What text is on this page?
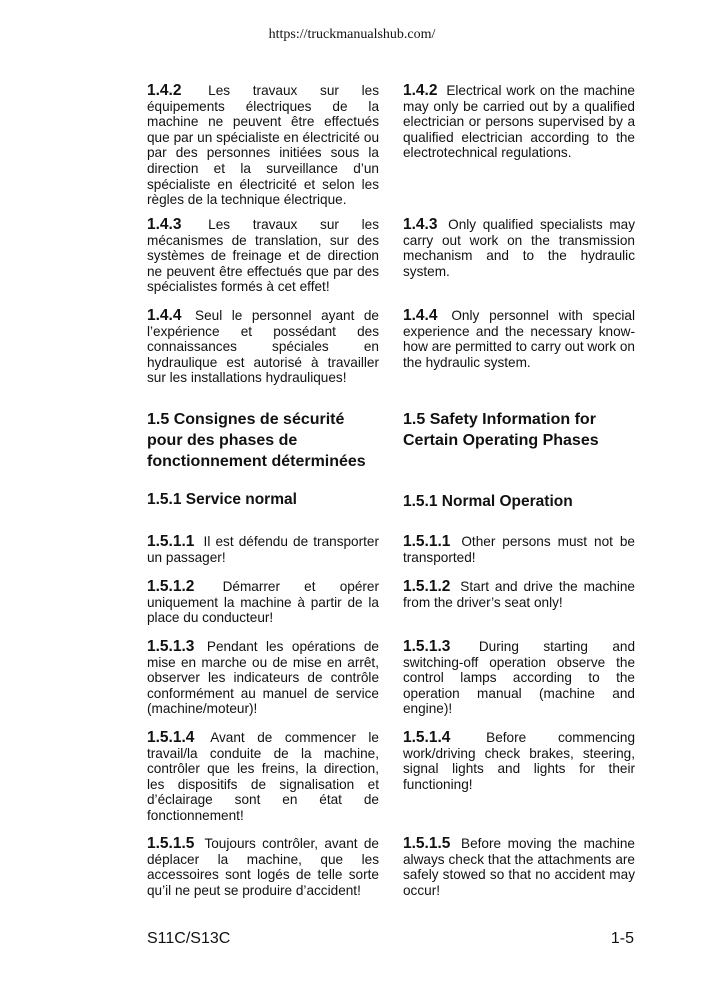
https://truckmanualshub.com/
1.4.2 Les travaux sur les équipements électriques de la machine ne peuvent être effectués que par un spécialiste en électricité ou par des personnes initiées sous la direction et la surveillance d’un spécialiste en électricité et selon les règles de la technique électrique.
1.4.3 Les travaux sur les mécanismes de translation, sur des systèmes de freinage et de direction ne peuvent être effectués que par des spécialistes formés à cet effet!
1.4.4 Seul le personnel ayant de l’expérience et possédant des connaissances spéciales en hydraulique est autorisé à travailler sur les installations hydrauliques!
1.5 Consignes de sécurité pour des phases de fonctionnement déterminées
1.5.1 Service normal
1.5.1.1 Il est défendu de transporter un passager!
1.5.1.2 Démarrer et opérer uniquement la machine à partir de la place du conducteur!
1.5.1.3 Pendant les opérations de mise en marche ou de mise en arrêt, observer les indicateurs de contrôle conformément au manuel de service (machine/moteur)!
1.5.1.4 Avant de commencer le travail/la conduite de la machine, contrôler que les freins, la direction, les dispositifs de signalisation et d’éclairage sont en état de fonctionnement!
1.5.1.5 Toujours contrôler, avant de déplacer la machine, que les accessoires sont logés de telle sorte qu’il ne peut se produire d’accident!
1.4.2 Electrical work on the machine may only be carried out by a qualified electrician or persons supervised by a qualified electrician according to the electrotechnical regulations.
1.4.3 Only qualified specialists may carry out work on the transmission mechanism and to the hydraulic system.
1.4.4 Only personnel with special experience and the necessary know-how are permitted to carry out work on the hydraulic system.
1.5 Safety Information for Certain Operating Phases
1.5.1 Normal Operation
1.5.1.1 Other persons must not be transported!
1.5.1.2 Start and drive the machine from the driver’s seat only!
1.5.1.3 During starting and switching-off operation observe the control lamps according to the operation manual (machine and engine)!
1.5.1.4	Before commencing work/driving check brakes, steering, signal lights and lights for their functioning!
1.5.1.5 Before moving the machine always check that the attachments are safely stowed so that no accident may occur!
S11C/S13C	1-5
